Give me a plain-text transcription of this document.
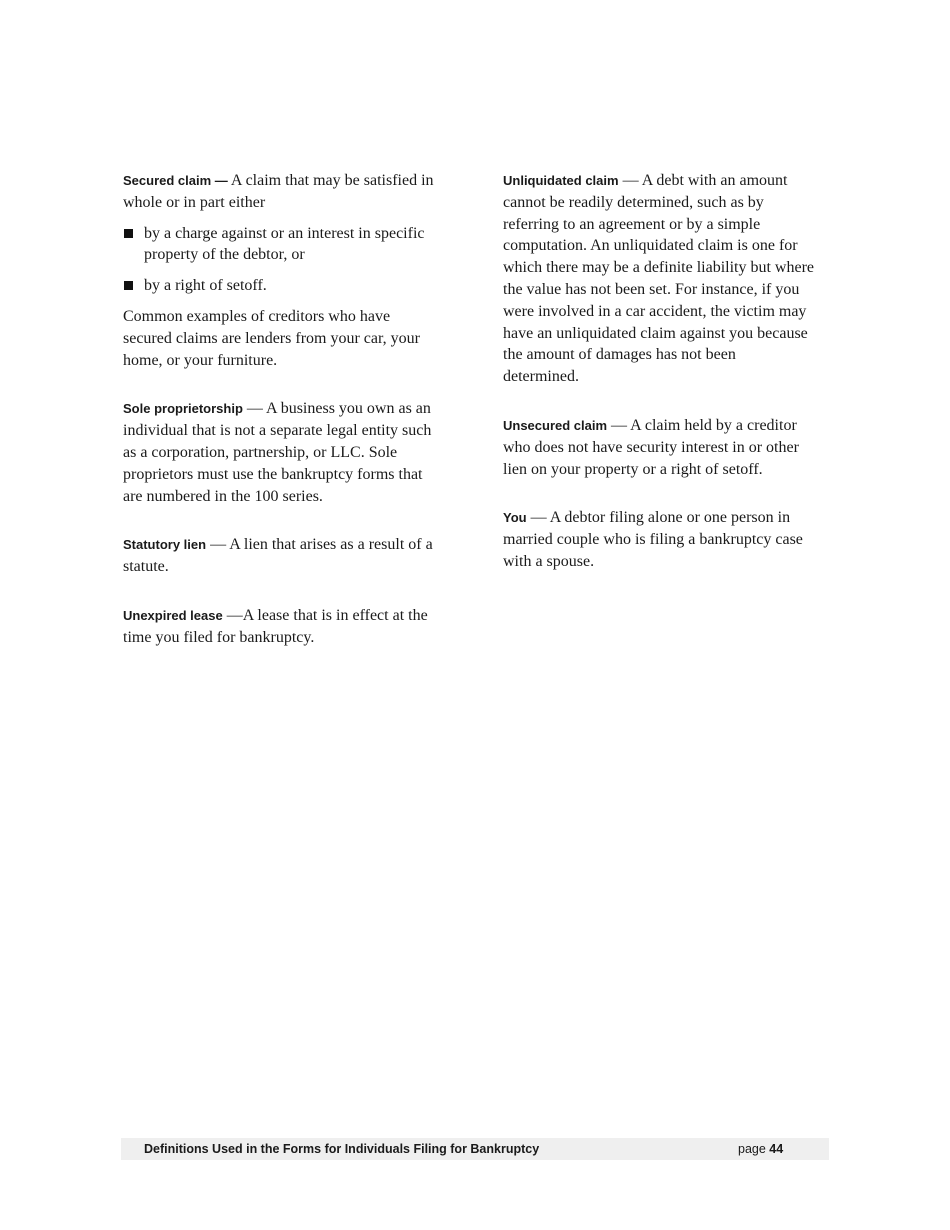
Secured claim — A claim that may be satisfied in whole or in part either

by a charge against or an interest in specific property of the debtor, or
by a right of setoff.

Common examples of creditors who have secured claims are lenders from your car, your home, or your furniture.

Sole proprietorship — A business you own as an individual that is not a separate legal entity such as a corporation, partnership, or LLC. Sole proprietors must use the bankruptcy forms that are numbered in the 100 series.

Statutory lien — A lien that arises as a result of a statute.

Unexpired lease —A lease that is in effect at the time you filed for bankruptcy.

Unliquidated claim — A debt with an amount cannot be readily determined, such as by referring to an agreement or by a simple computation. An unliquidated claim is one for which there may be a definite liability but where the value has not been set. For instance, if you were involved in a car accident, the victim may have an unliquidated claim against you because the amount of damages has not been determined.

Unsecured claim — A claim held by a creditor who does not have security interest in or other lien on your property or a right of setoff.

You — A debtor filing alone or one person in married couple who is filing a bankruptcy case with a spouse.

Definitions Used in the Forms for Individuals Filing for Bankruptcy	page 44
